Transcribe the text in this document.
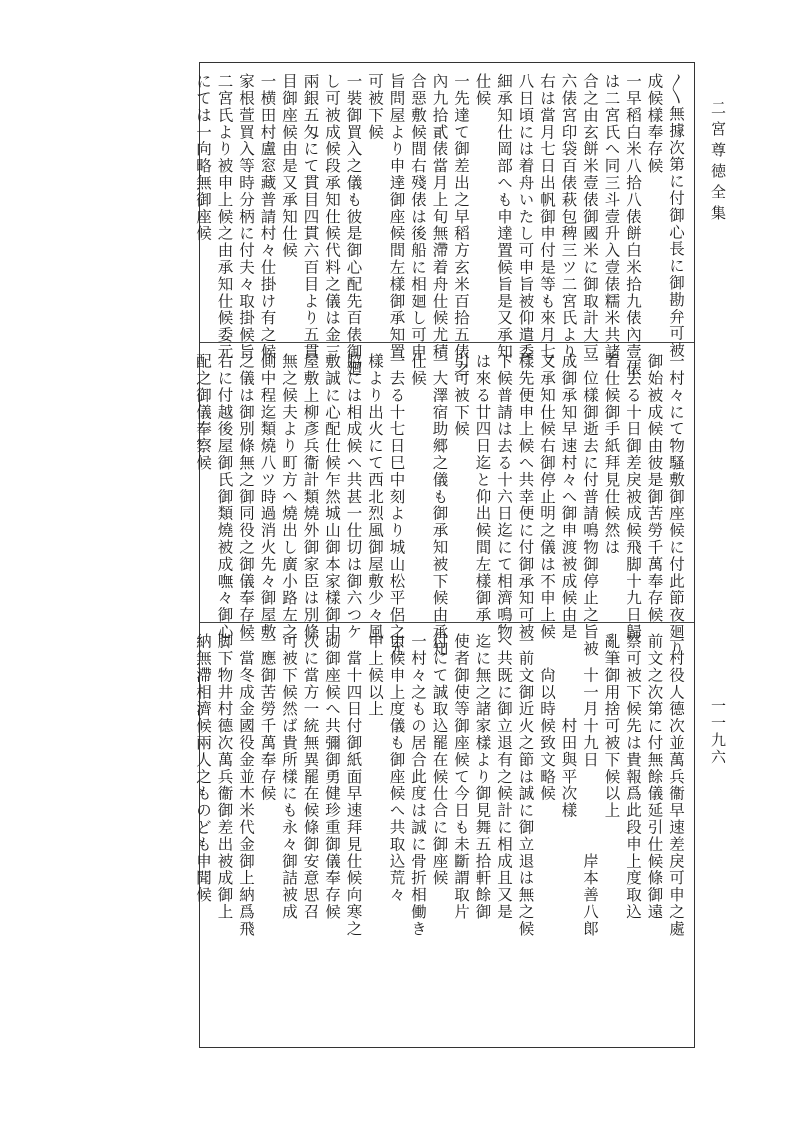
二宮尊徳全集
一一九六
〳〵無據次第に付御心長に御勘弁可被
成候樣奉存候
一早稻白米八拾八俵餅白米拾九俵內壹俵
は二宮氏へ同三斗壹升入壹俵糯米共諸
合之由玄餅米壹俵御國米に御取計大豆
六俵宮印袋百俵萩包稗三ツ二宮氏より
右は當月七日出帆御申付是等も來月七
八日頃には着舟いたし可申旨被仰遣委
細承知仕岡部へも申達置候旨是又承知
仕候
一先達て御差出之早稻方玄米百拾五俵之
內九拾貳俵當月上旬無滯着舟仕候尤積
合惡敷候間右殘俵は後船に相廻し可申
旨問屋より申達御座候間左樣御承知置
可被下候
一裝御買入之儀も彼是御心配先百俵御廻
し可被成候段承知仕候代料之儀は金三
兩銀五匁にて貫目四貫六百目より五貫
目御座候由是又承知仕候
一横田村盧窓藏普請村々仕掛け有之候
家根萱買入等時分柄に付夫々取掛候旨
二宮氏より被申上候之由承知仕候委元
にては一向略無御座候
一村々にて物騷敷御座候に付此節夜廻り
御始被成候由彼是御苦勞千萬奉存候
一去る十日御差戾被成候飛脚十九日歸
着仕候御手紙拜見仕候然は
一位樣御逝去に付普請鳴物御停止之旨被
成御承知早速村々へ御申渡被成候由是
又承知仕候右御停止明之儀は不申上候
樣先便申上候へ共幸便に付御承知可被
下候普請は去る十六日迄にて相濟鳴物
は來る廿四日迄と仰出候間左樣御承
引可被下候
一大澤宿助郷之儀も御承知被下候由承知
仕候
一去る十七日巳中刻より城山松平侶之允
樣より出火にて西北烈風御屋敷少々風
脇には相成候へ共甚一仕切は御六つケ
敷誠に心配仕候乍然城山御本家樣御中
屋敷上柳彥兵衞計類燒外御家臣は別條
無之候夫より町方へ燒出し廣小路左之
側中程迄類燒八ツ時過消火先々御屋敷
之儀は御別條無之御同役之御儀奉存候
右に付越後屋御氏御類燒被成嘸々御心
配之御儀奉察候
一村役人德次並萬兵衞早速差戾可申之處
前文之次第に付無餘儀延引仕候條御遠
察可被下候先は貴報爲此段申上度取込
亂筆御用捨可被下候以上
　　十一月十九日　　　　　岸本善八郞
　　　　　村田與平次樣
　　尙以時候致文略候
一前文御近火之節は誠に御立退は無之候
へ共既に御立退有之候計に相成且又是
迄に無之諸家樣より御見舞五拾軒餘御
使者御使等御座候て今日も未斷謂取片
付にて誠取込罷在候仕合に御座候
一村々之もの居合此度は誠に骨折相働き
申候申上度儀も御座候へ共取込荒々
申上候以上
　當十四日付御紙面早速拜見仕候向寒之
砌御座候へ共彌御勇健珍重御儀奉存候
次に當方一統無異罷在候條御安意思召
可被下候然ば貴所樣にも永々御詰被成
一應御苦勞千萬奉存候
一當冬成金國役金並木米代金御上納爲飛
脚下物井村德次萬兵衞御差出被成御上
納無滯相濟候兩人之ものども申聞候
